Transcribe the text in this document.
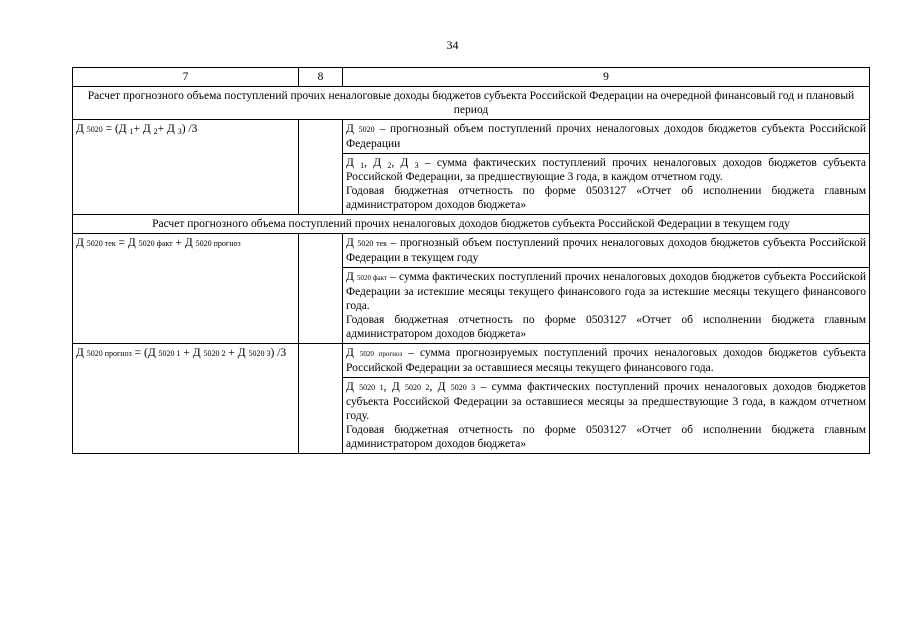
34
7	8	9
Расчет прогнозного объема поступлений прочих неналоговые доходы бюджетов субъекта Российской Федерации на очередной финансовый год и плановый период		
Д 5020 = (Д $_1$+ Д $_2$+ Д $_3$) /3		Д 5020 – прогнозный объем поступлений прочих неналоговых доходов бюджетов субъекта Российской Федерации
		Д $_1$, Д $_2$, Д $_3$ – сумма фактических поступлений прочих неналоговых доходов бюджетов субъекта Российской Федерации, за предшествующие 3 года, в каждом отчетном году.
Годовая бюджетная отчетность по форме 0503127 «Отчет об исполнении бюджета главным администратором доходов бюджета»
Расчет прогнозного объема поступлений прочих неналоговых доходов бюджетов субъекта Российской Федерации в текущем году		
Д 5020 тек = Д 5020 факт + Д 5020 прогноз		Д 5020 тек – прогнозный объем поступлений прочих неналоговых доходов бюджетов субъекта Российской Федерации в текущем году
		Д 5020 факт – сумма фактических поступлений прочих неналоговых доходов бюджетов субъекта Российской Федерации за истекшие месяцы текущего финансового года за истекшие месяцы текущего финансового года.
Годовая бюджетная отчетность по форме 0503127 «Отчет об исполнении бюджета главным администратором доходов бюджета»
Д 5020 прогноз = (Д 5020 1 + Д 5020 2 + Д 5020 3) /3		Д 5020 прогноз – сумма прогнозируемых поступлений прочих неналоговых доходов бюджетов субъекта Российской Федерации за оставшиеся месяцы текущего финансового года.
		Д 5020 1, Д 5020 2, Д 5020 3 – сумма фактических поступлений прочих неналоговых доходов бюджетов субъекта Российской Федерации за оставшиеся месяцы за предшествующие 3 года, в каждом отчетном году.
Годовая бюджетная отчетность по форме 0503127 «Отчет об исполнении бюджета главным администратором доходов бюджета»
